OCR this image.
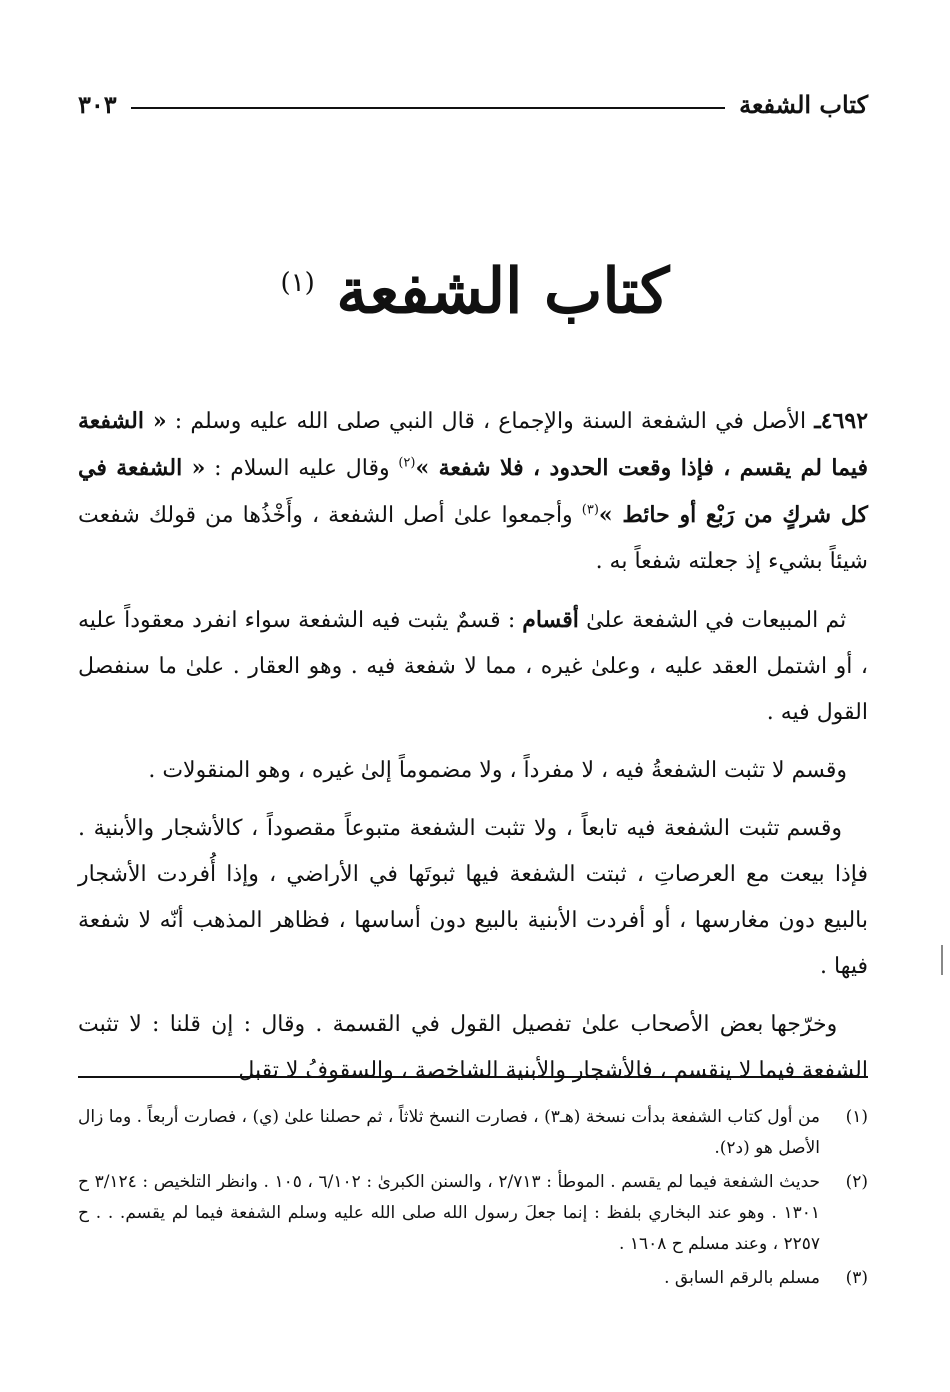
كتاب الشفعة
٣٠٣
كتاب الشفعة $^{(١)}$

٤٦٩٢ـ الأصل في الشفعة السنة والإجماع ، قال النبي صلى الله عليه وسلم : « الشفعة فيما لم يقسم ، فإذا وقعت الحدود ، فلا شفعة »$^{(٢)}$ وقال عليه السلام : « الشفعة في كل شركٍ من رَبْع أو حائط »$^{(٣)}$ وأجمعوا علىٰ أصل الشفعة ، وأَخْذُها من قولك شفعت شيئاً بشيء إذ جعلته شفعاً به .

ثم المبيعات في الشفعة علىٰ أقسام : قسمٌ يثبت فيه الشفعة سواء انفرد معقوداً عليه ، أو اشتمل العقد عليه ، وعلىٰ غيره ، مما لا شفعة فيه . وهو العقار . علىٰ ما سنفصل القول فيه .

وقسم لا تثبت الشفعةُ فيه ، لا مفرداً ، ولا مضموماً إلىٰ غيره ، وهو المنقولات .

وقسم تثبت الشفعة فيه تابعاً ، ولا تثبت الشفعة متبوعاً مقصوداً ، كالأشجار والأبنية . فإذا بيعت مع العرصاتِ ، ثبتت الشفعة فيها ثبوتَها في الأراضي ، وإذا أُفردت الأشجار بالبيع دون مغارسها ، أو أفردت الأبنية بالبيع دون أساسها ، فظاهر المذهب أنّه لا شفعة فيها .

وخرّجها بعض الأصحاب علىٰ تفصيل القول في القسمة . وقال : إن قلنا : لا تثبت الشفعة فيما لا ينقسم ، فالأشجار والأبنية الشاخصة ، والسقوفُ لا تقبل

(١)
من أول كتاب الشفعة بدأت نسخة (هـ٣) ، فصارت النسخ ثلاثاً ، ثم حصلنا علىٰ (ي) ، فصارت أربعاً . وما زال الأصل هو (د٢).
(٢)
حديث الشفعة فيما لم يقسم . الموطأ : ٢/٧١٣ ، والسنن الكبرىٰ : ٦/١٠٢ ، ١٠٥ . وانظر التلخيص : ٣/١٢٤ ح ١٣٠١ . وهو عند البخاري بلفظ : إنما جعلَ رسول الله صلى الله عليه وسلم الشفعة فيما لم يقسم. . . ح ٢٢٥٧ ، وعند مسلم ح ١٦٠٨ .
(٣)
مسلم بالرقم السابق .
